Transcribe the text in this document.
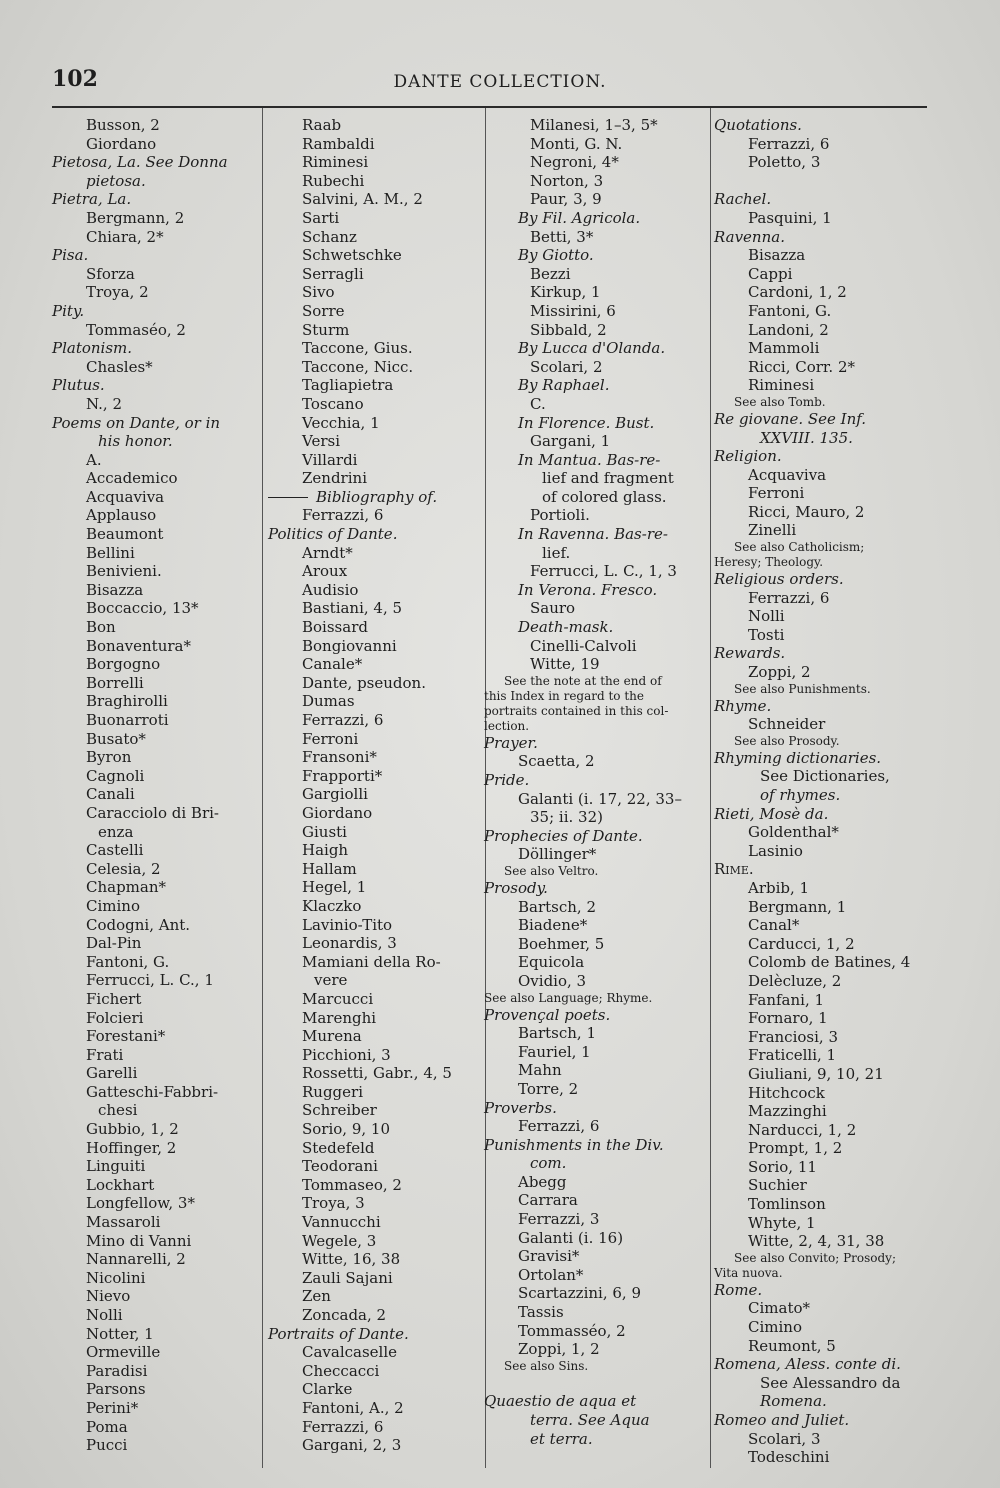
102	DANTE COLLECTION.
Busson, 2
Giordano
Pietosa, La. See Donna
pietosa.
Pietra, La.
Bergmann, 2
Chiara, 2*
Pisa.
Sforza
Troya, 2
Pity.
Tommaséo, 2
Platonism.
Chasles*
Plutus.
N., 2
Poems on Dante, or in
his honor.
A.
Accademico
Acquaviva
Applauso
Beaumont
Bellini
Benivieni.
Bisazza
Boccaccio, 13*
Bon
Bonaventura*
Borgogno
Borrelli
Braghirolli
Buonarroti
Busato*
Byron
Cagnoli
Canali
Caracciolo di Bri-
enza
Castelli
Celesia, 2
Chapman*
Cimino
Codogni, Ant.
Dal-Pin
Fantoni, G.
Ferrucci, L. C., 1
Fichert
Folcieri
Forestani*
Frati
Garelli
Gatteschi-Fabbri-
chesi
Gubbio, 1, 2
Hoffinger, 2
Linguiti
Lockhart
Longfellow, 3*
Massaroli
Mino di Vanni
Nannarelli, 2
Nicolini
Nievo
Nolli
Notter, 1
Ormeville
Paradisi
Parsons
Perini*
Poma
Pucci
Raab
Rambaldi
Riminesi
Rubechi
Salvini, A. M., 2
Sarti
Schanz
Schwetschke
Serragli
Sivo
Sorre
Sturm
Taccone, Gius.
Taccone, Nicc.
Tagliapietra
Toscano
Vecchia, 1
Versi
Villardi
Zendrini
Bibliography of.
Ferrazzi, 6
Politics of Dante.
Arndt*
Aroux
Audisio
Bastiani, 4, 5
Boissard
Bongiovanni
Canale*
Dante, pseudon.
Dumas
Ferrazzi, 6
Ferroni
Fransoni*
Frapporti*
Gargiolli
Giordano
Giusti
Haigh
Hallam
Hegel, 1
Klaczko
Lavinio-Tito
Leonardis, 3
Mamiani della Ro-
vere
Marcucci
Marenghi
Murena
Picchioni, 3
Rossetti, Gabr., 4, 5
Ruggeri
Schreiber
Sorio, 9, 10
Stedefeld
Teodorani
Tommaseo, 2
Troya, 3
Vannucchi
Wegele, 3
Witte, 16, 38
Zauli Sajani
Zen
Zoncada, 2
Portraits of Dante.
Cavalcaselle
Checcacci
Clarke
Fantoni, A., 2
Ferrazzi, 6
Gargani, 2, 3
Milanesi, 1–3, 5*
Monti, G. N.
Negroni, 4*
Norton, 3
Paur, 3, 9
By Fil. Agricola.
Betti, 3*
By Giotto.
Bezzi
Kirkup, 1
Missirini, 6
Sibbald, 2
By Lucca d'Olanda.
Scolari, 2
By Raphael.
C.
In Florence. Bust.
Gargani, 1
In Mantua. Bas-re-
lief and fragment
of colored glass.
Portioli.
In Ravenna. Bas-re-
lief.
Ferrucci, L. C., 1, 3
In Verona. Fresco.
Sauro
Death-mask.
Cinelli-Calvoli
Witte, 19
See the note at the end of
this Index in regard to the
portraits contained in this col-
lection.
Prayer.
Scaetta, 2
Pride.
Galanti (i. 17, 22, 33–
35; ii. 32)
Prophecies of Dante.
Döllinger*
See also Veltro.
Prosody.
Bartsch, 2
Biadene*
Boehmer, 5
Equicola
Ovidio, 3
See also Language; Rhyme.
Provençal poets.
Bartsch, 1
Fauriel, 1
Mahn
Torre, 2
Proverbs.
Ferrazzi, 6
Punishments in the Div.
com.
Abegg
Carrara
Ferrazzi, 3
Galanti (i. 16)
Gravisi*
Ortolan*
Scartazzini, 6, 9
Tassis
Tommasséo, 2
Zoppi, 1, 2
See also Sins.

Quaestio de aqua et
terra. See Aqua
et terra.
Quotations.
Ferrazzi, 6
Poletto, 3

Rachel.
Pasquini, 1
Ravenna.
Bisazza
Cappi
Cardoni, 1, 2
Fantoni, G.
Landoni, 2
Mammoli
Ricci, Corr. 2*
Riminesi
See also Tomb.
Re giovane. See Inf.
XXVIII. 135.
Religion.
Acquaviva
Ferroni
Ricci, Mauro, 2
Zinelli
See also Catholicism;
Heresy; Theology.
Religious orders.
Ferrazzi, 6
Nolli
Tosti
Rewards.
Zoppi, 2
See also Punishments.
Rhyme.
Schneider
See also Prosody.
Rhyming dictionaries.
See Dictionaries,
of rhymes.
Rieti, Mosè da.
Goldenthal*
Lasinio
Rime.
Arbib, 1
Bergmann, 1
Canal*
Carducci, 1, 2
Colomb de Batines, 4
Delècluze, 2
Fanfani, 1
Fornaro, 1
Franciosi, 3
Fraticelli, 1
Giuliani, 9, 10, 21
Hitchcock
Mazzinghi
Narducci, 1, 2
Prompt, 1, 2
Sorio, 11
Suchier
Tomlinson
Whyte, 1
Witte, 2, 4, 31, 38
See also Convito; Prosody;
Vita nuova.
Rome.
Cimato*
Cimino
Reumont, 5
Romena, Aless. conte di.
See Alessandro da
Romena.
Romeo and Juliet.
Scolari, 3
Todeschini
